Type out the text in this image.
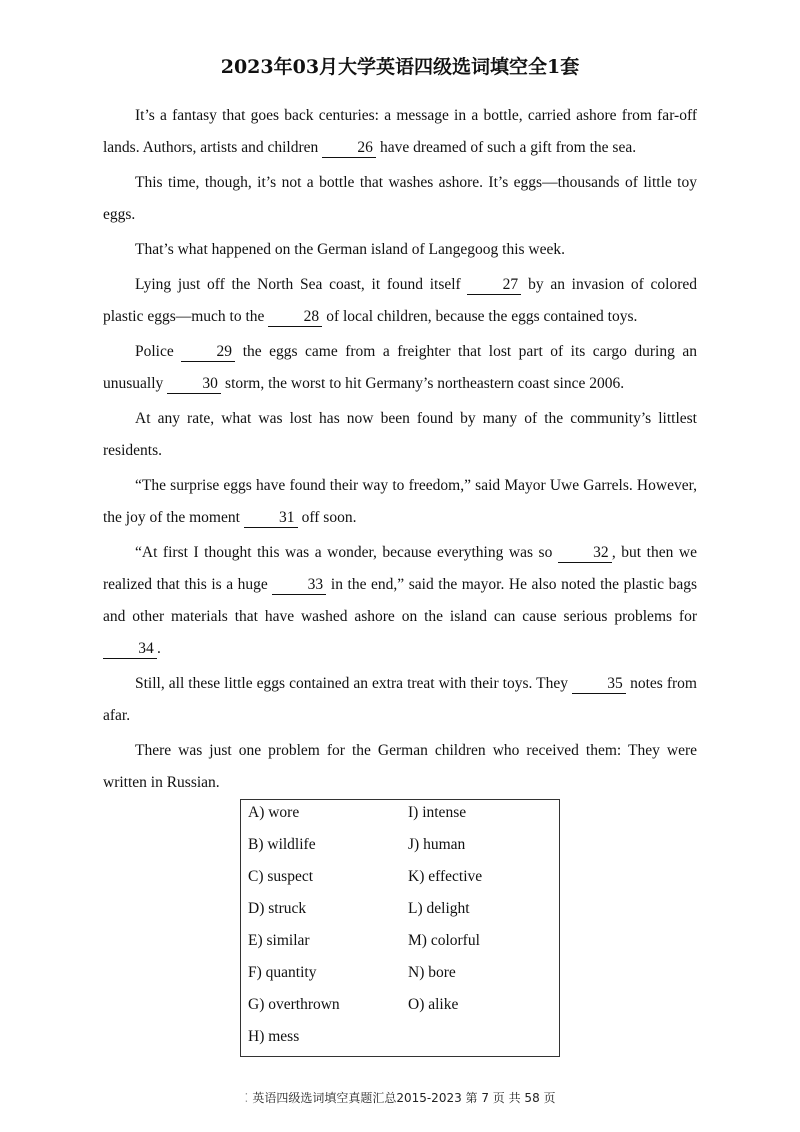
2023年03月大学英语四级选词填空全1套

It’s a fantasy that goes back centuries: a message in a bottle, carried ashore from far-off lands. Authors, artists and children 26 have dreamed of such a gift from the sea.

This time, though, it’s not a bottle that washes ashore. It’s eggs—thousands of little toy eggs.

That’s what happened on the German island of Langegoog this week.

Lying just off the North Sea coast, it found itself 27 by an invasion of colored plastic eggs—much to the 28 of local children, because the eggs contained toys.

Police 29 the eggs came from a freighter that lost part of its cargo during an unusually 30 storm, the worst to hit Germany’s northeastern coast since 2006.

At any rate, what was lost has now been found by many of the community’s littlest residents.

“The surprise eggs have found their way to freedom,” said Mayor Uwe Garrels. However, the joy of the moment 31 off soon.

“At first I thought this was a wonder, because everything was so 32 , but then we realized that this is a huge 33 in the end,” said the mayor. He also noted the plastic bags and other materials that have washed ashore on the island can cause serious problems for 34 .

Still, all these little eggs contained an extra treat with their toys. They 35 notes from afar.

There was just one problem for the German children who received them: They were written in Russian.

A) wore
B) wildlife
C) suspect
D) struck
E) similar
F) quantity
G) overthrown
H) mess
I) intense
J) human
K) effective
L) delight
M) colorful
N) bore
O) alike
⁚ 英语四级选词填空真题汇总2015-2023 第 7 页 共 58 页
